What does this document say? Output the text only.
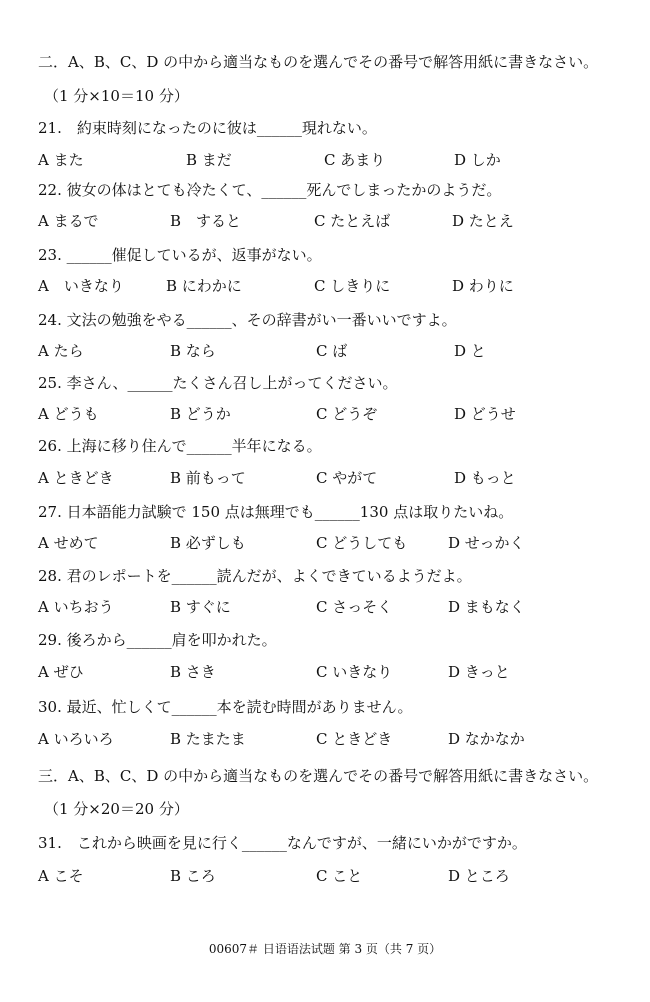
二．A、B、C、D の中から適当なものを選んでその番号で解答用紙に書きなさい。
（1 分×10＝10 分）
21.　約束時刻になったのに彼は______現れない。
A また	B まだ	C あまり	D しか
22. 彼女の体はとても冷たくて、______死んでしまったかのようだ。
A まるで	B　すると	C たとえば	D たとえ
23. ______催促しているが、返事がない。
A　いきなり	B にわかに	C しきりに	D わりに
24. 文法の勉強をやる______、その辞書がい一番いいですよ。
A たら	B なら	C ば	D と
25. 李さん、______たくさん召し上がってください。
A どうも	B どうか	C どうぞ	D どうせ
26. 上海に移り住んで______半年になる。
A ときどき	B 前もって	C やがて	D もっと
27. 日本語能力試験で 150 点は無理でも______130 点は取りたいね。
A せめて	B 必ずしも	C どうしても	D せっかく
28. 君のレポートを______読んだが、よくできているようだよ。
A いちおう	B すぐに	C さっそく	D まもなく
29. 後ろから______肩を叩かれた。
A ぜひ	B さき	C いきなり	D きっと
30. 最近、忙しくて______本を読む時間がありません。
A いろいろ	B たまたま	C ときどき	D なかなか
三．A、B、C、D の中から適当なものを選んでその番号で解答用紙に書きなさい。
（1 分×20＝20 分）
31.　これから映画を見に行く______なんですが、一緒にいかがですか。
A こそ	B ころ	C こと	D ところ
00607＃ 日语语法试题 第 3 页（共 7 页）
